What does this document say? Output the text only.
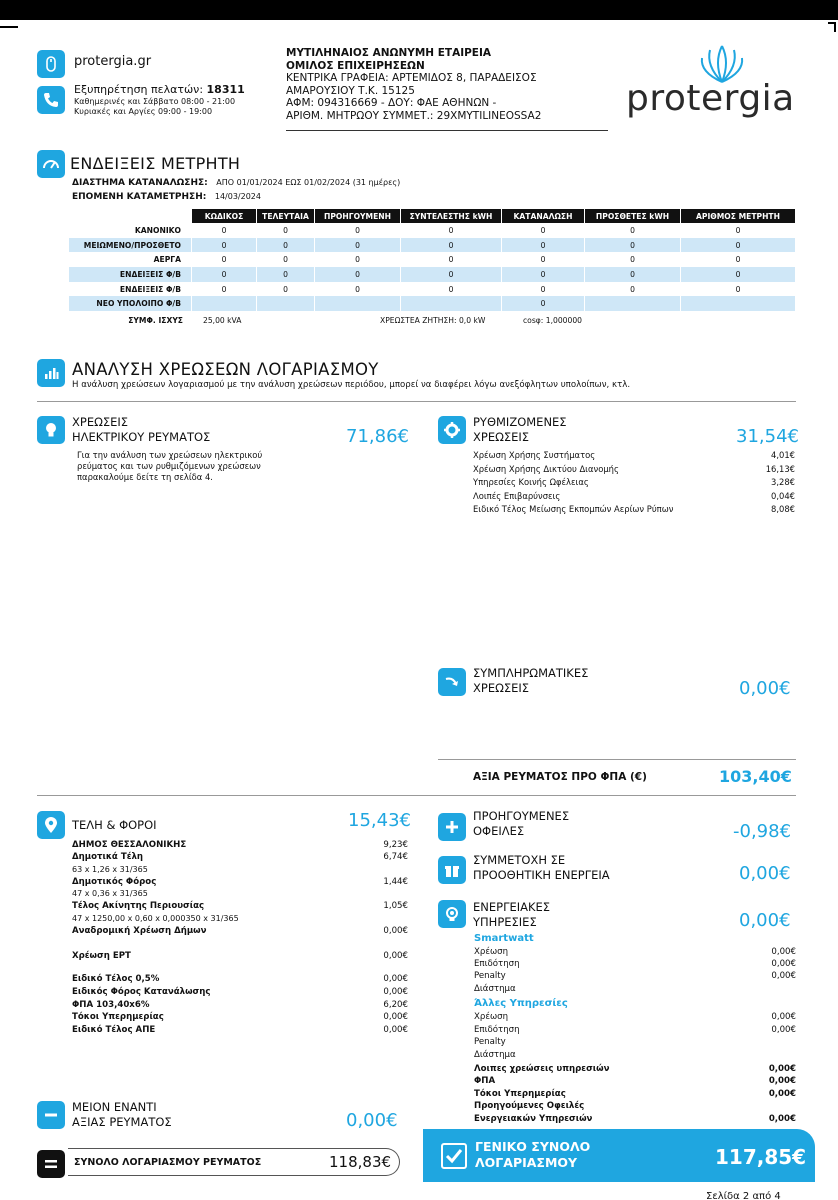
protergia.gr
Εξυπηρέτηση πελατών: 18311
Καθημερινές και Σάββατο 08:00 - 21:00
Κυριακές και Αργίες 09:00 - 19:00
ΜΥΤΙΛΗΝΑΙΟΣ ΑΝΩΝΥΜΗ ΕΤΑΙΡΕΙΑ
ΟΜΙΛΟΣ ΕΠΙΧΕΙΡΗΣΕΩΝ
ΚΕΝΤΡΙΚΑ ΓΡΑΦΕΙΑ: ΑΡΤΕΜΙΔΟΣ 8, ΠΑΡΑΔΕΙΣΟΣ
ΑΜΑΡΟΥΣΙΟΥ Τ.Κ. 15125
ΑΦΜ: 094316669 - ΔΟΥ: ΦΑΕ ΑΘΗΝΩΝ -
ΑΡΙΘΜ. ΜΗΤΡΩΟΥ ΣΥΜΜΕΤ.: 29ΧΜΥΤΙLINEOSSA2 protergia
ΕΝΔΕΙΞΕΙΣ ΜΕΤΡΗΤΗ
ΔΙΑΣΤΗΜΑ ΚΑΤΑΝΑΛΩΣΗΣ: ΑΠΟ 01/01/2024 ΕΩΣ 01/02/2024 (31 ημέρες)
ΕΠΟΜΕΝΗ ΚΑΤΑΜΕΤΡΗΣΗ: 14/03/2024
	ΚΩΔΙΚΟΣ	ΤΕΛΕΥΤΑΙΑ	ΠΡΟΗΓΟΥΜΕΝΗ	ΣΥΝΤΕΛΕΣΤΗΣ kWH	ΚΑΤΑΝΑΛΩΣΗ	ΠΡΟΣΘΕΤΕΣ kWH	ΑΡΙΘΜΟΣ ΜΕΤΡΗΤΗ
ΚΑΝΟΝΙΚΟ	0	0	0	0	0	0	0
ΜΕΙΩΜΕΝΟ/ΠΡΟΣΘΕΤΟ	0	0	0	0	0	0	0
ΑΕΡΓΑ	0	0	0	0	0	0	0
ΕΝΔΕΙΞΕΙΣ Φ/Β	0	0	0	0	0	0	0
ΕΝΔΕΙΞΕΙΣ Φ/Β	0	0	0	0	0	0	0
ΝΕΟ ΥΠΟΛΟΙΠΟ Φ/Β					0		
ΣΥΜΦ. ΙΣΧΥΣ	25,00 kVA	ΧΡΕΩΣΤΕΑ ΖΗΤΗΣΗ: 0,0 kW	cosφ: 1,000000
ΑΝΑΛΥΣΗ ΧΡΕΩΣΕΩΝ ΛΟΓΑΡΙΑΣΜΟΥ
Η ανάλυση χρεώσεων λογαριασμού με την ανάλυση χρεώσεων περιόδου, μπορεί να διαφέρει λόγω ανεξόφλητων υπολοίπων, κτλ.
ΧΡΕΩΣΕΙΣ
ΗΛΕΚΤΡΙΚΟΥ ΡΕΥΜΑΤΟΣ	71,86€
Για την ανάλυση των χρεώσεων ηλεκτρικού
ρεύματος και των ρυθμιζόμενων χρεώσεων
παρακαλούμε δείτε τη σελίδα 4.
ΡΥΘΜΙΖΟΜΕΝΕΣ
ΧΡΕΩΣΕΙΣ	31,54€
Χρέωση Χρήσης Συστήματος	4,01€
Χρέωση Χρήσης Δικτύου Διανομής	16,13€
Υπηρεσίες Κοινής Ωφέλειας	3,28€
Λοιπές Επιβαρύνσεις	0,04€
Ειδικό Τέλος Μείωσης Εκπομπών Αερίων Ρύπων	8,08€
ΣΥΜΠΛΗΡΩΜΑΤΙΚΕΣ
ΧΡΕΩΣΕΙΣ	0,00€
ΑΞΙΑ ΡΕΥΜΑΤΟΣ ΠΡΟ ΦΠΑ (€)	103,40€
ΤΕΛΗ & ΦΟΡΟΙ	15,43€
ΔΗΜΟΣ ΘΕΣΣΑΛΟΝΙΚΗΣ	9,23€
Δημοτικά Τέλη	6,74€
63 x 1,26 x 31/365
Δημοτικός Φόρος	1,44€
47 x 0,36 x 31/365
Τέλος Ακίνητης Περιουσίας	1,05€
47 x 1250,00 x 0,60 x 0,000350 x 31/365
Αναδρομική Χρέωση Δήμων	0,00€
Χρέωση ΕΡΤ	0,00€
Ειδικό Τέλος 0,5%	0,00€
Ειδικός Φόρος Κατανάλωσης	0,00€
ΦΠΑ 103,40x6%	6,20€
Τόκοι Υπερημερίας	0,00€
Ειδικό Τέλος ΑΠΕ	0,00€
ΠΡΟΗΓΟΥΜΕΝΕΣ
ΟΦΕΙΛΕΣ	-0,98€
ΣΥΜΜΕΤΟΧΗ ΣΕ
ΠΡΟΟΘΗΤΙΚΗ ΕΝΕΡΓΕΙΑ	0,00€
ΕΝΕΡΓΕΙΑΚΕΣ
ΥΠΗΡΕΣΙΕΣ	0,00€
Smartwatt
Χρέωση	0,00€
Επιδότηση	0,00€
Penalty	0,00€
Διάστημα
Άλλες Υπηρεσίες
Χρέωση	0,00€
Επιδότηση	0,00€
Penalty
Διάστημα
Λοιπες χρεώσεις υπηρεσιών	0,00€
ΦΠΑ	0,00€
Τόκοι Υπερημερίας	0,00€
Προηγούμενες Οφειλές
Ενεργειακών Υπηρεσιών	0,00€
ΜΕΙΟΝ ΕΝΑΝΤΙ
ΑΞΙΑΣ ΡΕΥΜΑΤΟΣ	0,00€
ΣΥΝΟΛΟ ΛΟΓΑΡΙΑΣΜΟΥ ΡΕΥΜΑΤΟΣ	118,83€
ΓΕΝΙΚΟ ΣΥΝΟΛΟ
ΛΟΓΑΡΙΑΣΜΟΥ	117,85€
Σελίδα 2 από 4
